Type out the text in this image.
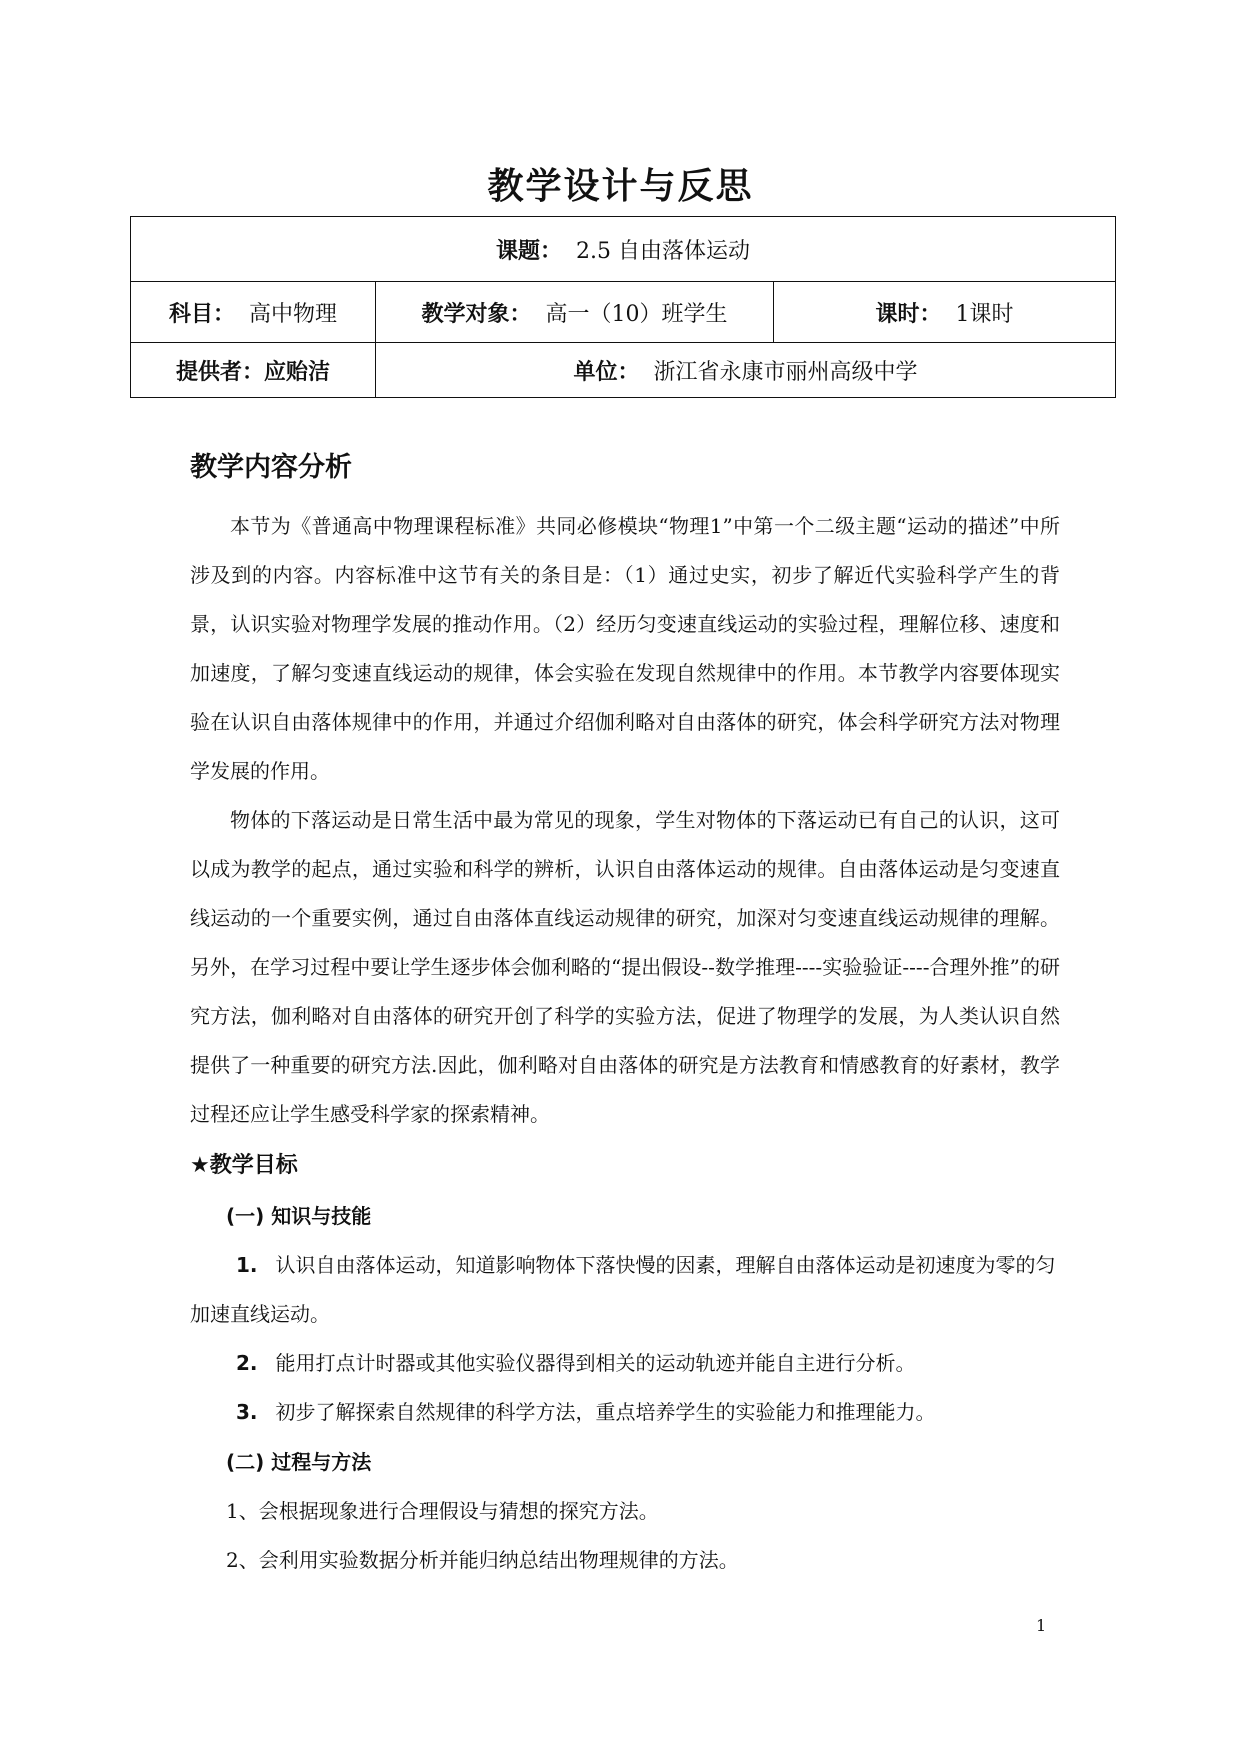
教学设计与反思
课题： 2.5 自由落体运动		
科目： 高中物理	教学对象： 高一（10）班学生	课时： 1课时
提供者：应贻洁	单位： 浙江省永康市丽州高级中学	
教学内容分析

本节为《普通高中物理课程标准》共同必修模块“物理1”中第一个二级主题“运动的描述”中所涉及到的内容。内容标准中这节有关的条目是：（1）通过史实，初步了解近代实验科学产生的背景，认识实验对物理学发展的推动作用。（2）经历匀变速直线运动的实验过程，理解位移、速度和加速度，了解匀变速直线运动的规律，体会实验在发现自然规律中的作用。本节教学内容要体现实验在认识自由落体规律中的作用，并通过介绍伽利略对自由落体的研究，体会科学研究方法对物理学发展的作用。

物体的下落运动是日常生活中最为常见的现象，学生对物体的下落运动已有自己的认识，这可以成为教学的起点，通过实验和科学的辨析，认识自由落体运动的规律。自由落体运动是匀变速直线运动的一个重要实例，通过自由落体直线运动规律的研究，加深对匀变速直线运动规律的理解。另外，在学习过程中要让学生逐步体会伽利略的“提出假设--数学推理----实验验证----合理外推”的研究方法，伽利略对自由落体的研究开创了科学的实验方法，促进了物理学的发展，为人类认识自然提供了一种重要的研究方法.因此，伽利略对自由落体的研究是方法教育和情感教育的好素材，教学过程还应让学生感受科学家的探索精神。

★教学目标

(一) 知识与技能

1. 认识自由落体运动，知道影响物体下落快慢的因素，理解自由落体运动是初速度为零的匀加速直线运动。

2. 能用打点计时器或其他实验仪器得到相关的运动轨迹并能自主进行分析。

3. 初步了解探索自然规律的科学方法，重点培养学生的实验能力和推理能力。

(二) 过程与方法

1、会根据现象进行合理假设与猜想的探究方法。

2、会利用实验数据分析并能归纳总结出物理规律的方法。

1
